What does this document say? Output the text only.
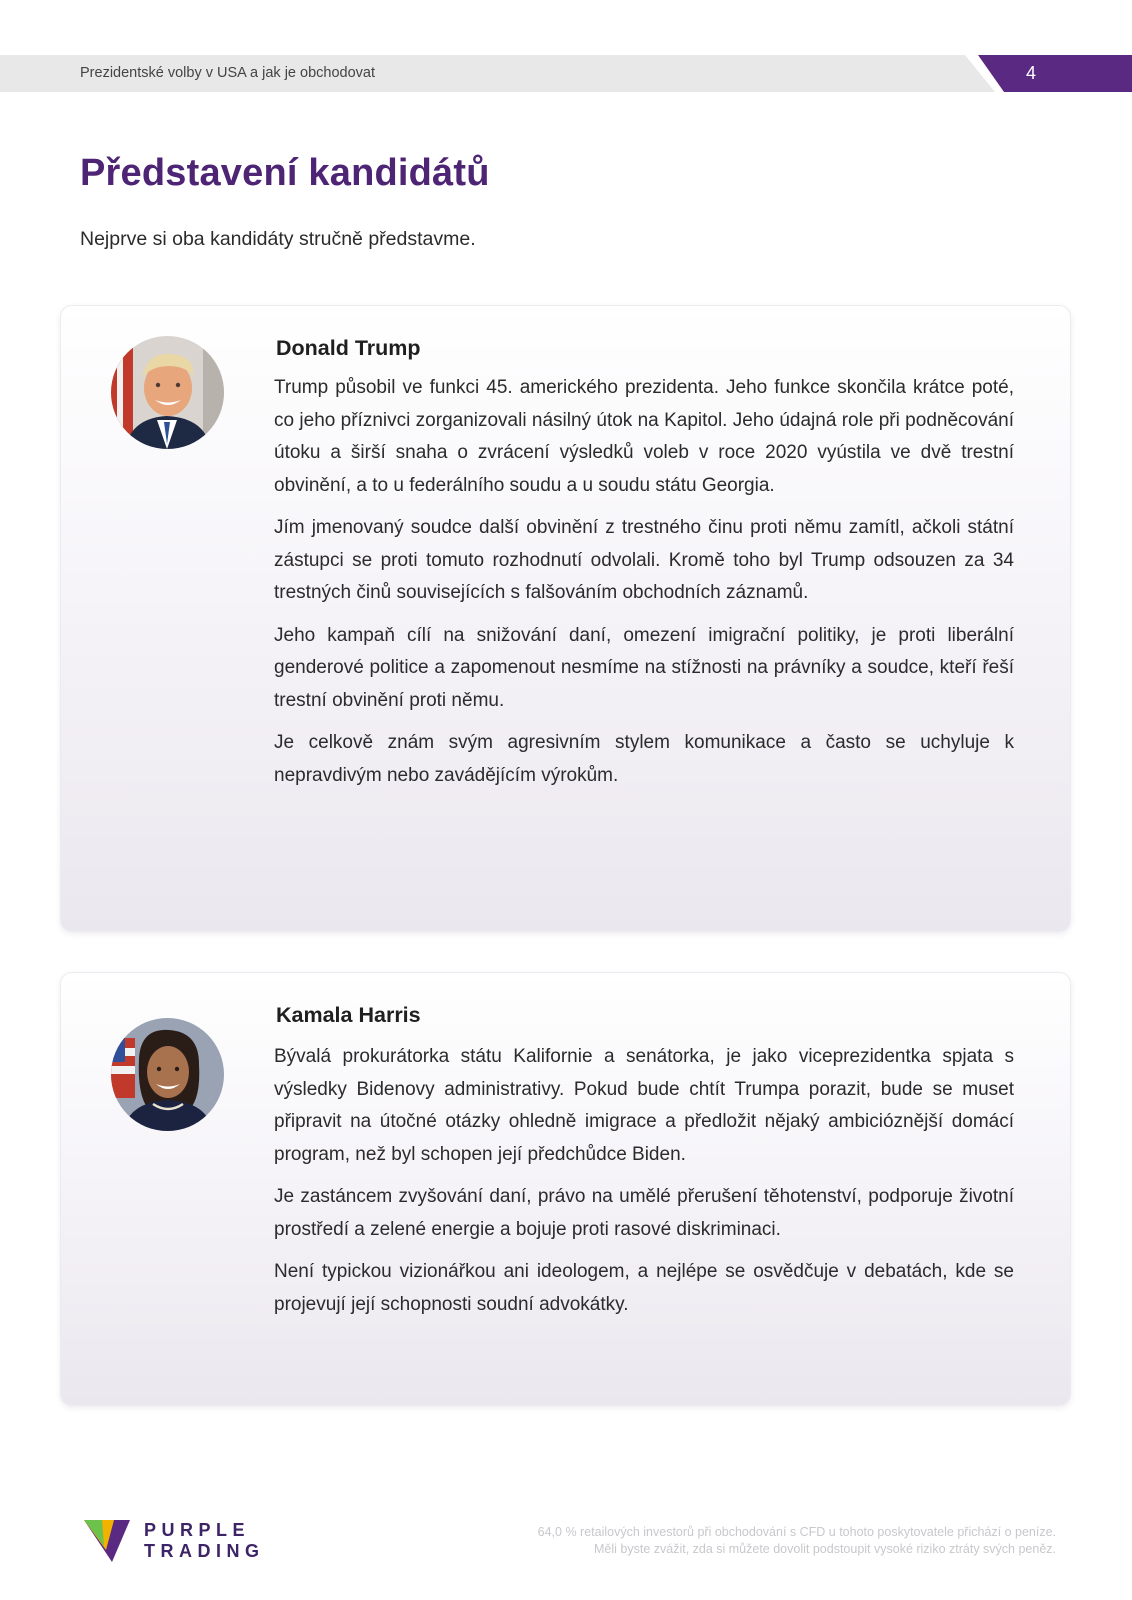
Prezidentské volby v USA a jak je obchodovat	4
Představení kandidátů
Nejprve si oba kandidáty stručně představme.
Donald Trump

Trump působil ve funkci 45. amerického prezidenta. Jeho funkce skončila krátce poté, co jeho příznivci zorganizovali násilný útok na Kapitol. Jeho údajná role při podněcování útoku a širší snaha o zvrácení výsledků voleb v roce 2020 vyústila ve dvě trestní obvinění, a to u federálního soudu a u soudu státu Georgia.

Jím jmenovaný soudce další obvinění z trestného činu proti němu zamítl, ačkoli státní zástupci se proti tomuto rozhodnutí odvolali. Kromě toho byl Trump odsouzen za 34 trestných činů souvisejících s falšováním obchodních záznamů.

Jeho kampaň cílí na snižování daní, omezení imigrační politiky, je proti liberální genderové politice a zapomenout nesmíme na stížnosti na právníky a soudce, kteří řeší trestní obvinění proti němu.

Je celkově znám svým agresivním stylem komunikace a často se uchyluje k nepravdivým nebo zavádějícím výrokům.

Kamala Harris

Bývalá prokurátorka státu Kalifornie a senátorka, je jako viceprezidentka spjata s výsledky Bidenovy administrativy. Pokud bude chtít Trumpa porazit, bude se muset připravit na útočné otázky ohledně imigrace a předložit nějaký ambicióznější domácí program, než byl schopen její předchůdce Biden.

Je zastáncem zvyšování daní, právo na umělé přerušení těhotenství, podporuje životní prostředí a zelené energie a bojuje proti rasové diskriminaci.

Není typickou vizionářkou ani ideologem, a nejlépe se osvědčuje v debatách, kde se projevují její schopnosti soudní advokátky.

PURPLE
TRADING
64,0 % retailových investorů při obchodování s CFD u tohoto poskytovatele přichází o peníze.
Měli byste zvážit, zda si můžete dovolit podstoupit vysoké riziko ztráty svých peněz.
